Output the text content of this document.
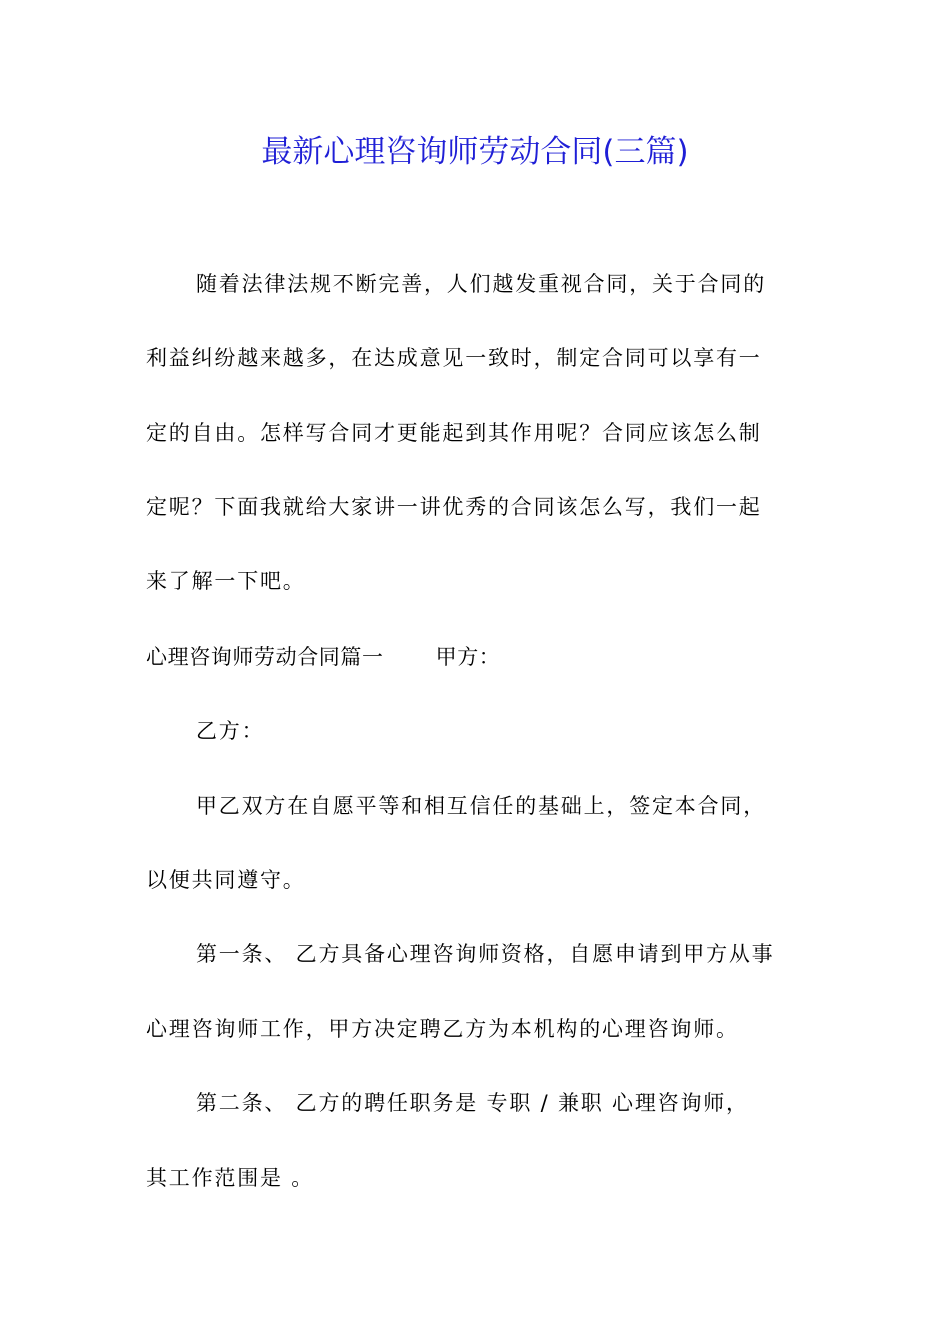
最新心理咨询师劳动合同(三篇)
随着法律法规不断完善，人们越发重视合同，关于合同的
利益纠纷越来越多，在达成意见一致时，制定合同可以享有一
定的自由。怎样写合同才更能起到其作用呢？合同应该怎么制
定呢？下面我就给大家讲一讲优秀的合同该怎么写，我们一起
来了解一下吧。
心理咨询师劳动合同篇一 甲方：
乙方：
甲乙双方在自愿平等和相互信任的基础上，签定本合同，
以便共同遵守。
第一条、 乙方具备心理咨询师资格，自愿申请到甲方从事
心理咨询师工作，甲方决定聘乙方为本机构的心理咨询师。
第二条、 乙方的聘任职务是 专职 / 兼职 心理咨询师，
其工作范围是 。
